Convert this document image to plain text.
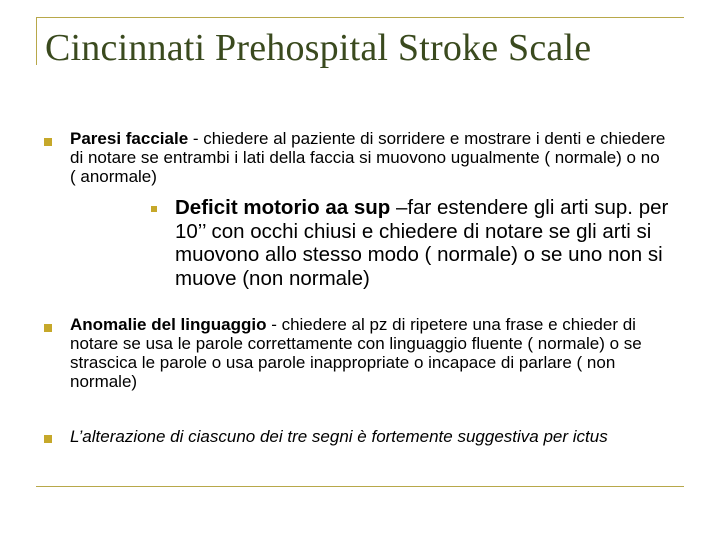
Cincinnati Prehospital Stroke Scale

Paresi facciale - chiedere al paziente di sorridere e mostrare i denti e chiedere di notare se entrambi i lati della faccia si muovono ugualmente ( normale) o no ( anormale)

Deficit motorio aa sup –far estendere gli arti sup. per 10’’ con occhi chiusi e chiedere di notare se gli arti si muovono allo stesso modo ( normale) o se uno non si muove (non normale)

Anomalie del linguaggio - chiedere al pz di ripetere una frase e chieder di notare se usa le parole correttamente con linguaggio fluente ( normale) o se strascica le parole o usa parole inappropriate o incapace di parlare ( non normale)

L’alterazione di ciascuno dei tre segni è fortemente suggestiva per ictus
